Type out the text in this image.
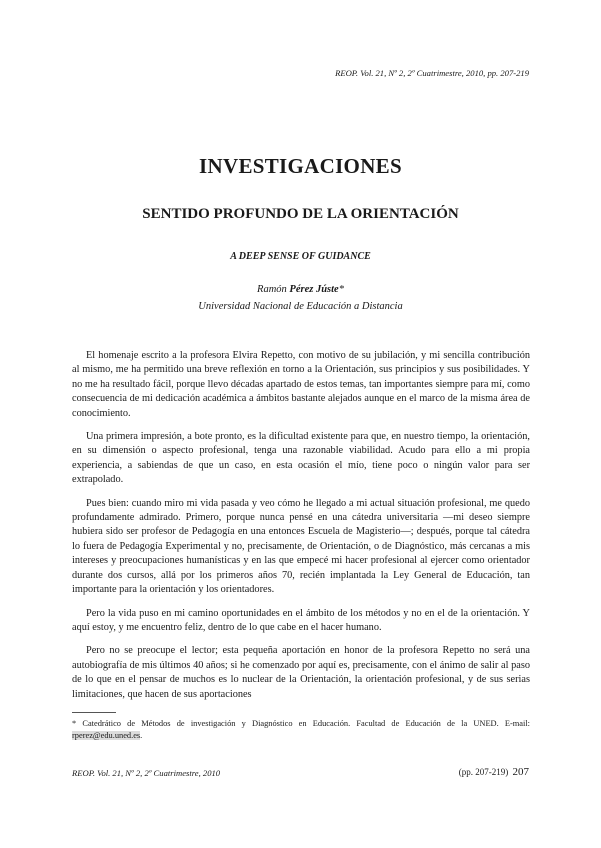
REOP. Vol. 21, Nº 2, 2º Cuatrimestre, 2010, pp. 207-219
INVESTIGACIONES
SENTIDO PROFUNDO DE LA ORIENTACIÓN
A DEEP SENSE OF GUIDANCE
Ramón Pérez Júste*
Universidad Nacional de Educación a Distancia

El homenaje escrito a la profesora Elvira Repetto, con motivo de su jubilación, y mi sencilla contribución al mismo, me ha permitido una breve reflexión en torno a la Orientación, sus principios y sus posibilidades. Y no me ha resultado fácil, porque llevo décadas apartado de estos temas, tan importantes siempre para mí, como consecuencia de mi dedicación académica a ámbitos bastante alejados aunque en el marco de la misma área de conocimiento.

Una primera impresión, a bote pronto, es la dificultad existente para que, en nuestro tiempo, la orientación, en su dimensión o aspecto profesional, tenga una razonable viabilidad. Acudo para ello a mi propia experiencia, a sabiendas de que un caso, en esta ocasión el mío, tiene poco o ningún valor para ser extrapolado.

Pues bien: cuando miro mi vida pasada y veo cómo he llegado a mi actual situación profesional, me quedo profundamente admirado. Primero, porque nunca pensé en una cátedra universitaria —mi deseo siempre hubiera sido ser profesor de Pedagogía en una entonces Escuela de Magisterio—; después, porque tal cátedra lo fuera de Pedagogía Experimental y no, precisamente, de Orientación, o de Diagnóstico, más cercanas a mis intereses y preocupaciones humanísticas y en las que empecé mi hacer profesional al ejercer como orientador durante dos cursos, allá por los primeros años 70, recién implantada la Ley General de Educación, tan importante para la orientación y los orientadores.

Pero la vida puso en mi camino oportunidades en el ámbito de los métodos y no en el de la orientación. Y aquí estoy, y me encuentro feliz, dentro de lo que cabe en el hacer humano.

Pero no se preocupe el lector; esta pequeña aportación en honor de la profesora Repetto no será una autobiografía de mis últimos 40 años; si he comenzado por aquí es, precisamente, con el ánimo de salir al paso de lo que en el pensar de muchos es lo nuclear de la Orientación, la orientación profesional, y de sus serias limitaciones, que hacen de sus aportaciones

* Catedrático de Métodos de investigación y Diagnóstico en Educación. Facultad de Educación de la UNED. E-mail: rperez@edu.uned.es.
REOP. Vol. 21, Nº 2, 2º Cuatrimestre, 2010	(pp. 207-219) 207
